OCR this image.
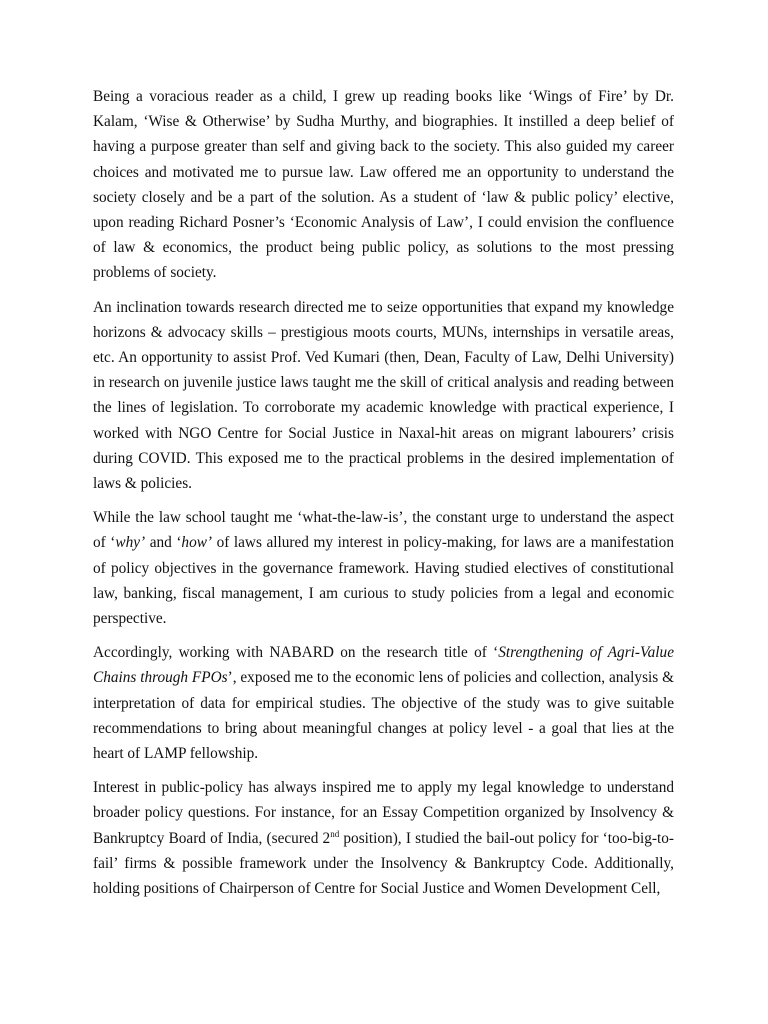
Being a voracious reader as a child, I grew up reading books like ‘Wings of Fire’ by Dr. Kalam, ‘Wise & Otherwise’ by Sudha Murthy, and biographies. It instilled a deep belief of having a purpose greater than self and giving back to the society. This also guided my career choices and motivated me to pursue law. Law offered me an opportunity to understand the society closely and be a part of the solution. As a student of ‘law & public policy’ elective, upon reading Richard Posner’s ‘Economic Analysis of Law’, I could envision the confluence of law & economics, the product being public policy, as solutions to the most pressing problems of society.

An inclination towards research directed me to seize opportunities that expand my knowledge horizons & advocacy skills – prestigious moots courts, MUNs, internships in versatile areas, etc. An opportunity to assist Prof. Ved Kumari (then, Dean, Faculty of Law, Delhi University) in research on juvenile justice laws taught me the skill of critical analysis and reading between the lines of legislation. To corroborate my academic knowledge with practical experience, I worked with NGO Centre for Social Justice in Naxal-hit areas on migrant labourers’ crisis during COVID. This exposed me to the practical problems in the desired implementation of laws & policies.

While the law school taught me ‘what-the-law-is’, the constant urge to understand the aspect of ‘why’ and ‘how’ of laws allured my interest in policy-making, for laws are a manifestation of policy objectives in the governance framework. Having studied electives of constitutional law, banking, fiscal management, I am curious to study policies from a legal and economic perspective.

Accordingly, working with NABARD on the research title of ‘Strengthening of Agri-Value Chains through FPOs’, exposed me to the economic lens of policies and collection, analysis & interpretation of data for empirical studies. The objective of the study was to give suitable recommendations to bring about meaningful changes at policy level - a goal that lies at the heart of LAMP fellowship.

Interest in public-policy has always inspired me to apply my legal knowledge to understand broader policy questions. For instance, for an Essay Competition organized by Insolvency & Bankruptcy Board of India, (secured 2nd position), I studied the bail-out policy for ‘too-big-to-fail’ firms & possible framework under the Insolvency & Bankruptcy Code. Additionally, holding positions of Chairperson of Centre for Social Justice and Women Development Cell,
